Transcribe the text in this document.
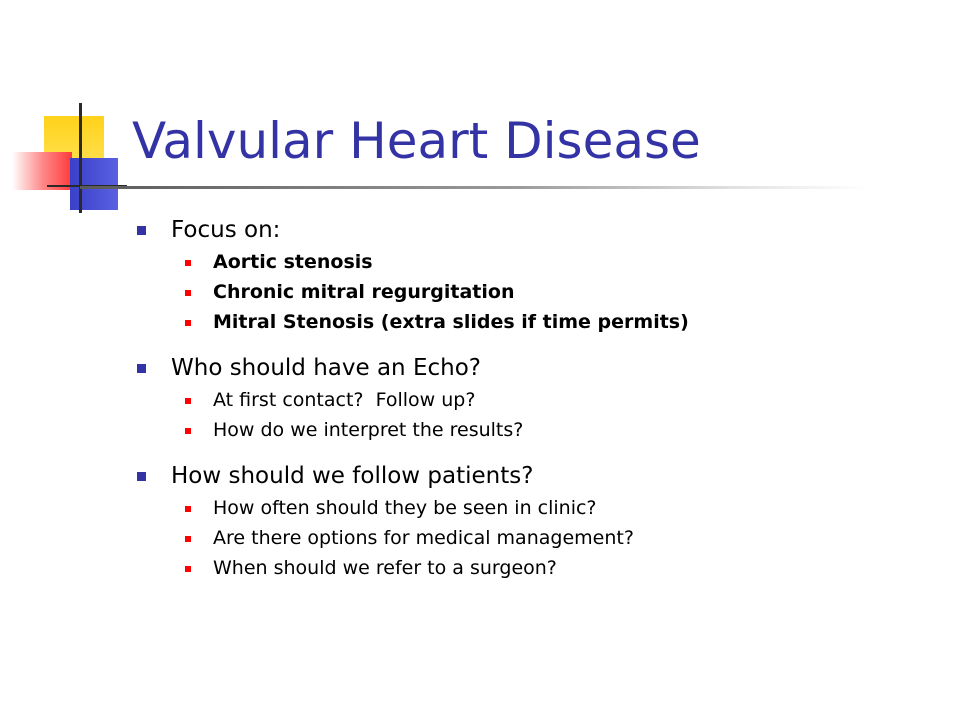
Valvular Heart Disease
Focus on:
Aortic stenosis
Chronic mitral regurgitation
Mitral Stenosis (extra slides if time permits)
Who should have an Echo?
At first contact?  Follow up?
How do we interpret the results?
How should we follow patients?
How often should they be seen in clinic?
Are there options for medical management?
When should we refer to a surgeon?
